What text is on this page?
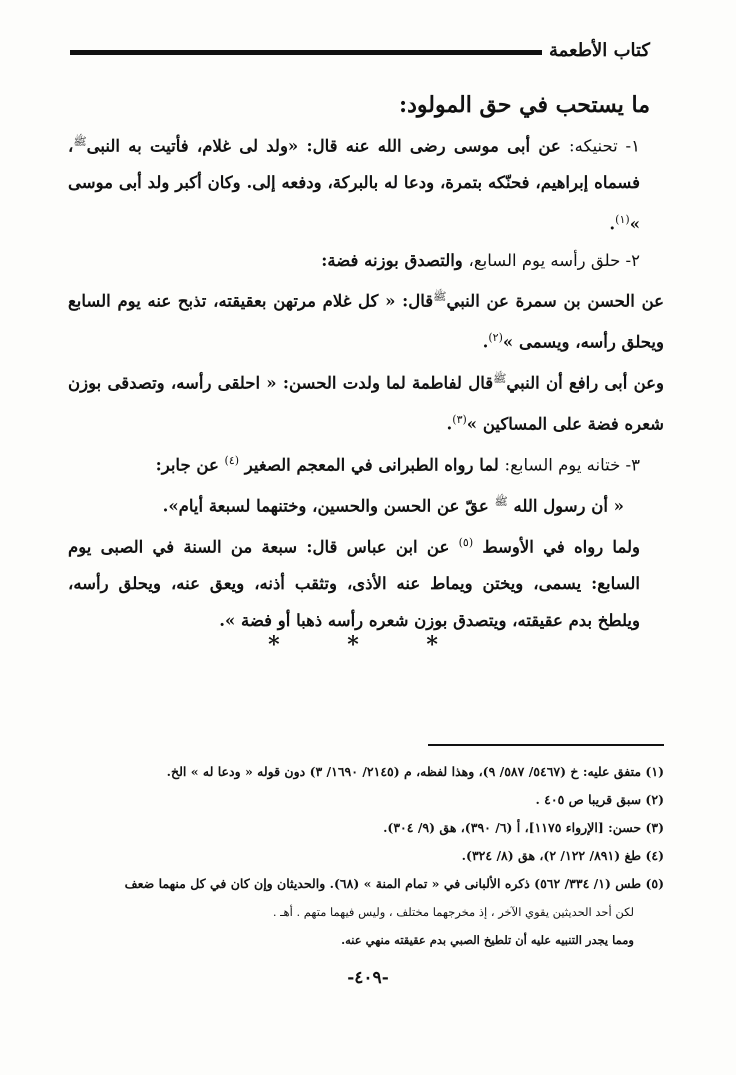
كتاب الأطعمة
ما يستحب في حق المولود:

١- تحنيكه: عن أبى موسى رضى الله عنه قال: «ولد لى غلام، فأتيت به النبى$^ﷺ$، فسماه إبراهيم، فحنّكه بتمرة، ودعا له بالبركة، ودفعه إلى. وكان أكبر ولد أبى موسى »$^{(١)}$.

٢- حلق رأسه يوم السابع، والتصدق بوزنه فضة:

عن الحسن بن سمرة عن النبي$^ﷺ$قال: « كل غلام مرتهن بعقيقته، تذبح عنه يوم السابع ويحلق رأسه، ويسمى »$^{(٢)}$.

وعن أبى رافع أن النبي$^ﷺ$قال لفاطمة لما ولدت الحسن: « احلقى رأسه، وتصدقى بوزن شعره فضة على المساكين »$^{(٣)}$.

٣- ختانه يوم السابع: لما رواه الطبرانى في المعجم الصغير $^{(٤)}$ عن جابر:

« أن رسول الله $^ﷺ$ عقّ عن الحسن والحسين، وختنهما لسبعة أيام».

ولما رواه في الأوسط $^{(٥)}$ عن ابن عباس قال: سبعة من السنة في الصبى يوم السابع: يسمى، ويختن ويماط عنه الأذى، وتثقب أذنه، ويعق عنه، ويحلق رأسه، ويلطخ بدم عقيقته، ويتصدق بوزن شعره رأسه ذهبا أو فضة ».

* * *

(١) متفق عليه: خ (٥٤٦٧/ ٥٨٧/ ٩)، وهذا لفظه، م (٢١٤٥/ ١٦٩٠/ ٣) دون قوله « ودعا له » الخ.

(٢) سبق قريبا ص ٤٠٥ .

(٣) حسن: [الإرواء ١١٧٥]، أ (٦/ ٣٩٠)، هق (٩/ ٣٠٤).

(٤) طغ (٨٩١/ ١٢٢/ ٢)، هق (٨/ ٣٢٤).

(٥) طس (١/ ٣٣٤/ ٥٦٢) ذكره الألبانى في « تمام المنة » (٦٨). والحديثان وإن كان في كل منهما ضعف

لكن أحد الحديثين يقوي الآخر ، إذ مخرجهما مختلف ، وليس فيهما متهم . أهـ .

ومما يجدر التنبيه عليه أن تلطيخ الصبي بدم عقيقته منهي عنه.

-٤٠٩-
